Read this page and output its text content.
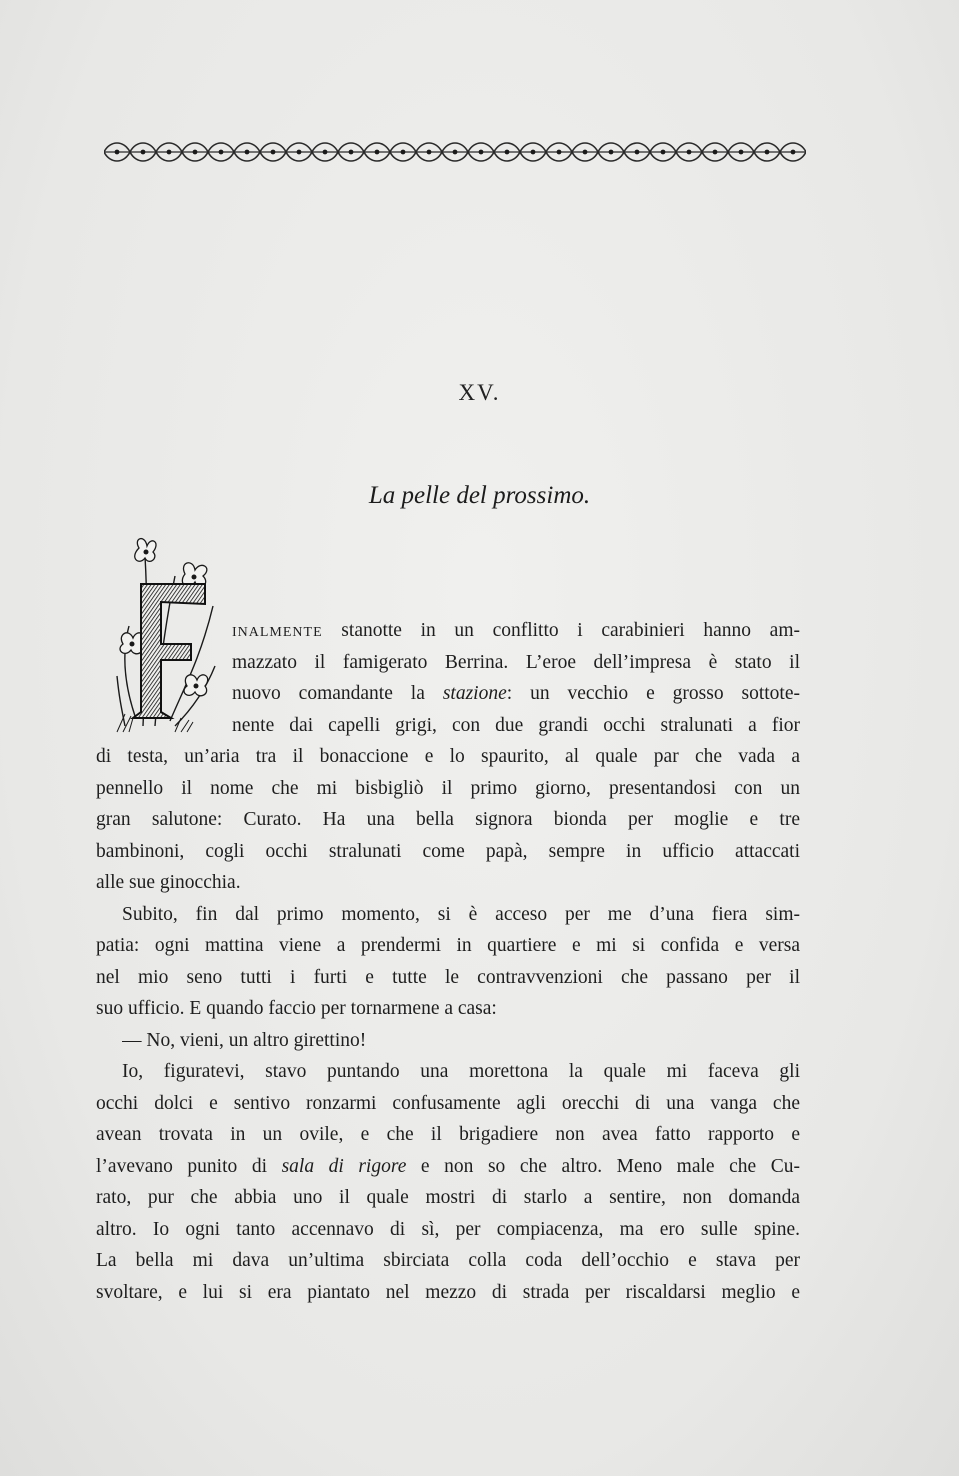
XV.
La pelle del prossimo.
F
INALMENTE stanotte in un conflitto i carabinieri hanno am-
mazzato il famigerato Berrina. L’eroe dell’impresa è stato il
nuovo comandante la stazione: un vecchio e grosso sottote-
nente dai capelli grigi, con due grandi occhi stralunati a fior
di testa, un’aria tra il bonaccione e lo spaurito, al quale par che vada a
pennello il nome che mi bisbigliò il primo giorno, presentandosi con un
gran salutone: Curato. Ha una bella signora bionda per moglie e tre
bambinoni, cogli occhi stralunati come papà, sempre in ufficio attaccati
alle sue ginocchia.
Subito, fin dal primo momento, si è acceso per me d’una fiera sim-
patia: ogni mattina viene a prendermi in quartiere e mi si confida e versa
nel mio seno tutti i furti e tutte le contravvenzioni che passano per il
suo ufficio. E quando faccio per tornarmene a casa:
— No, vieni, un altro girettino!
Io, figuratevi, stavo puntando una morettona la quale mi faceva gli
occhi dolci e sentivo ronzarmi confusamente agli orecchi di una vanga che
avean trovata in un ovile, e che il brigadiere non avea fatto rapporto e
l’avevano punito di sala di rigore e non so che altro. Meno male che Cu-
rato, pur che abbia uno il quale mostri di starlo a sentire, non domanda
altro. Io ogni tanto accennavo di sì, per compiacenza, ma ero sulle spine.
La bella mi dava un’ultima sbirciata colla coda dell’occhio e stava per
svoltare, e lui si era piantato nel mezzo di strada per riscaldarsi meglio e
